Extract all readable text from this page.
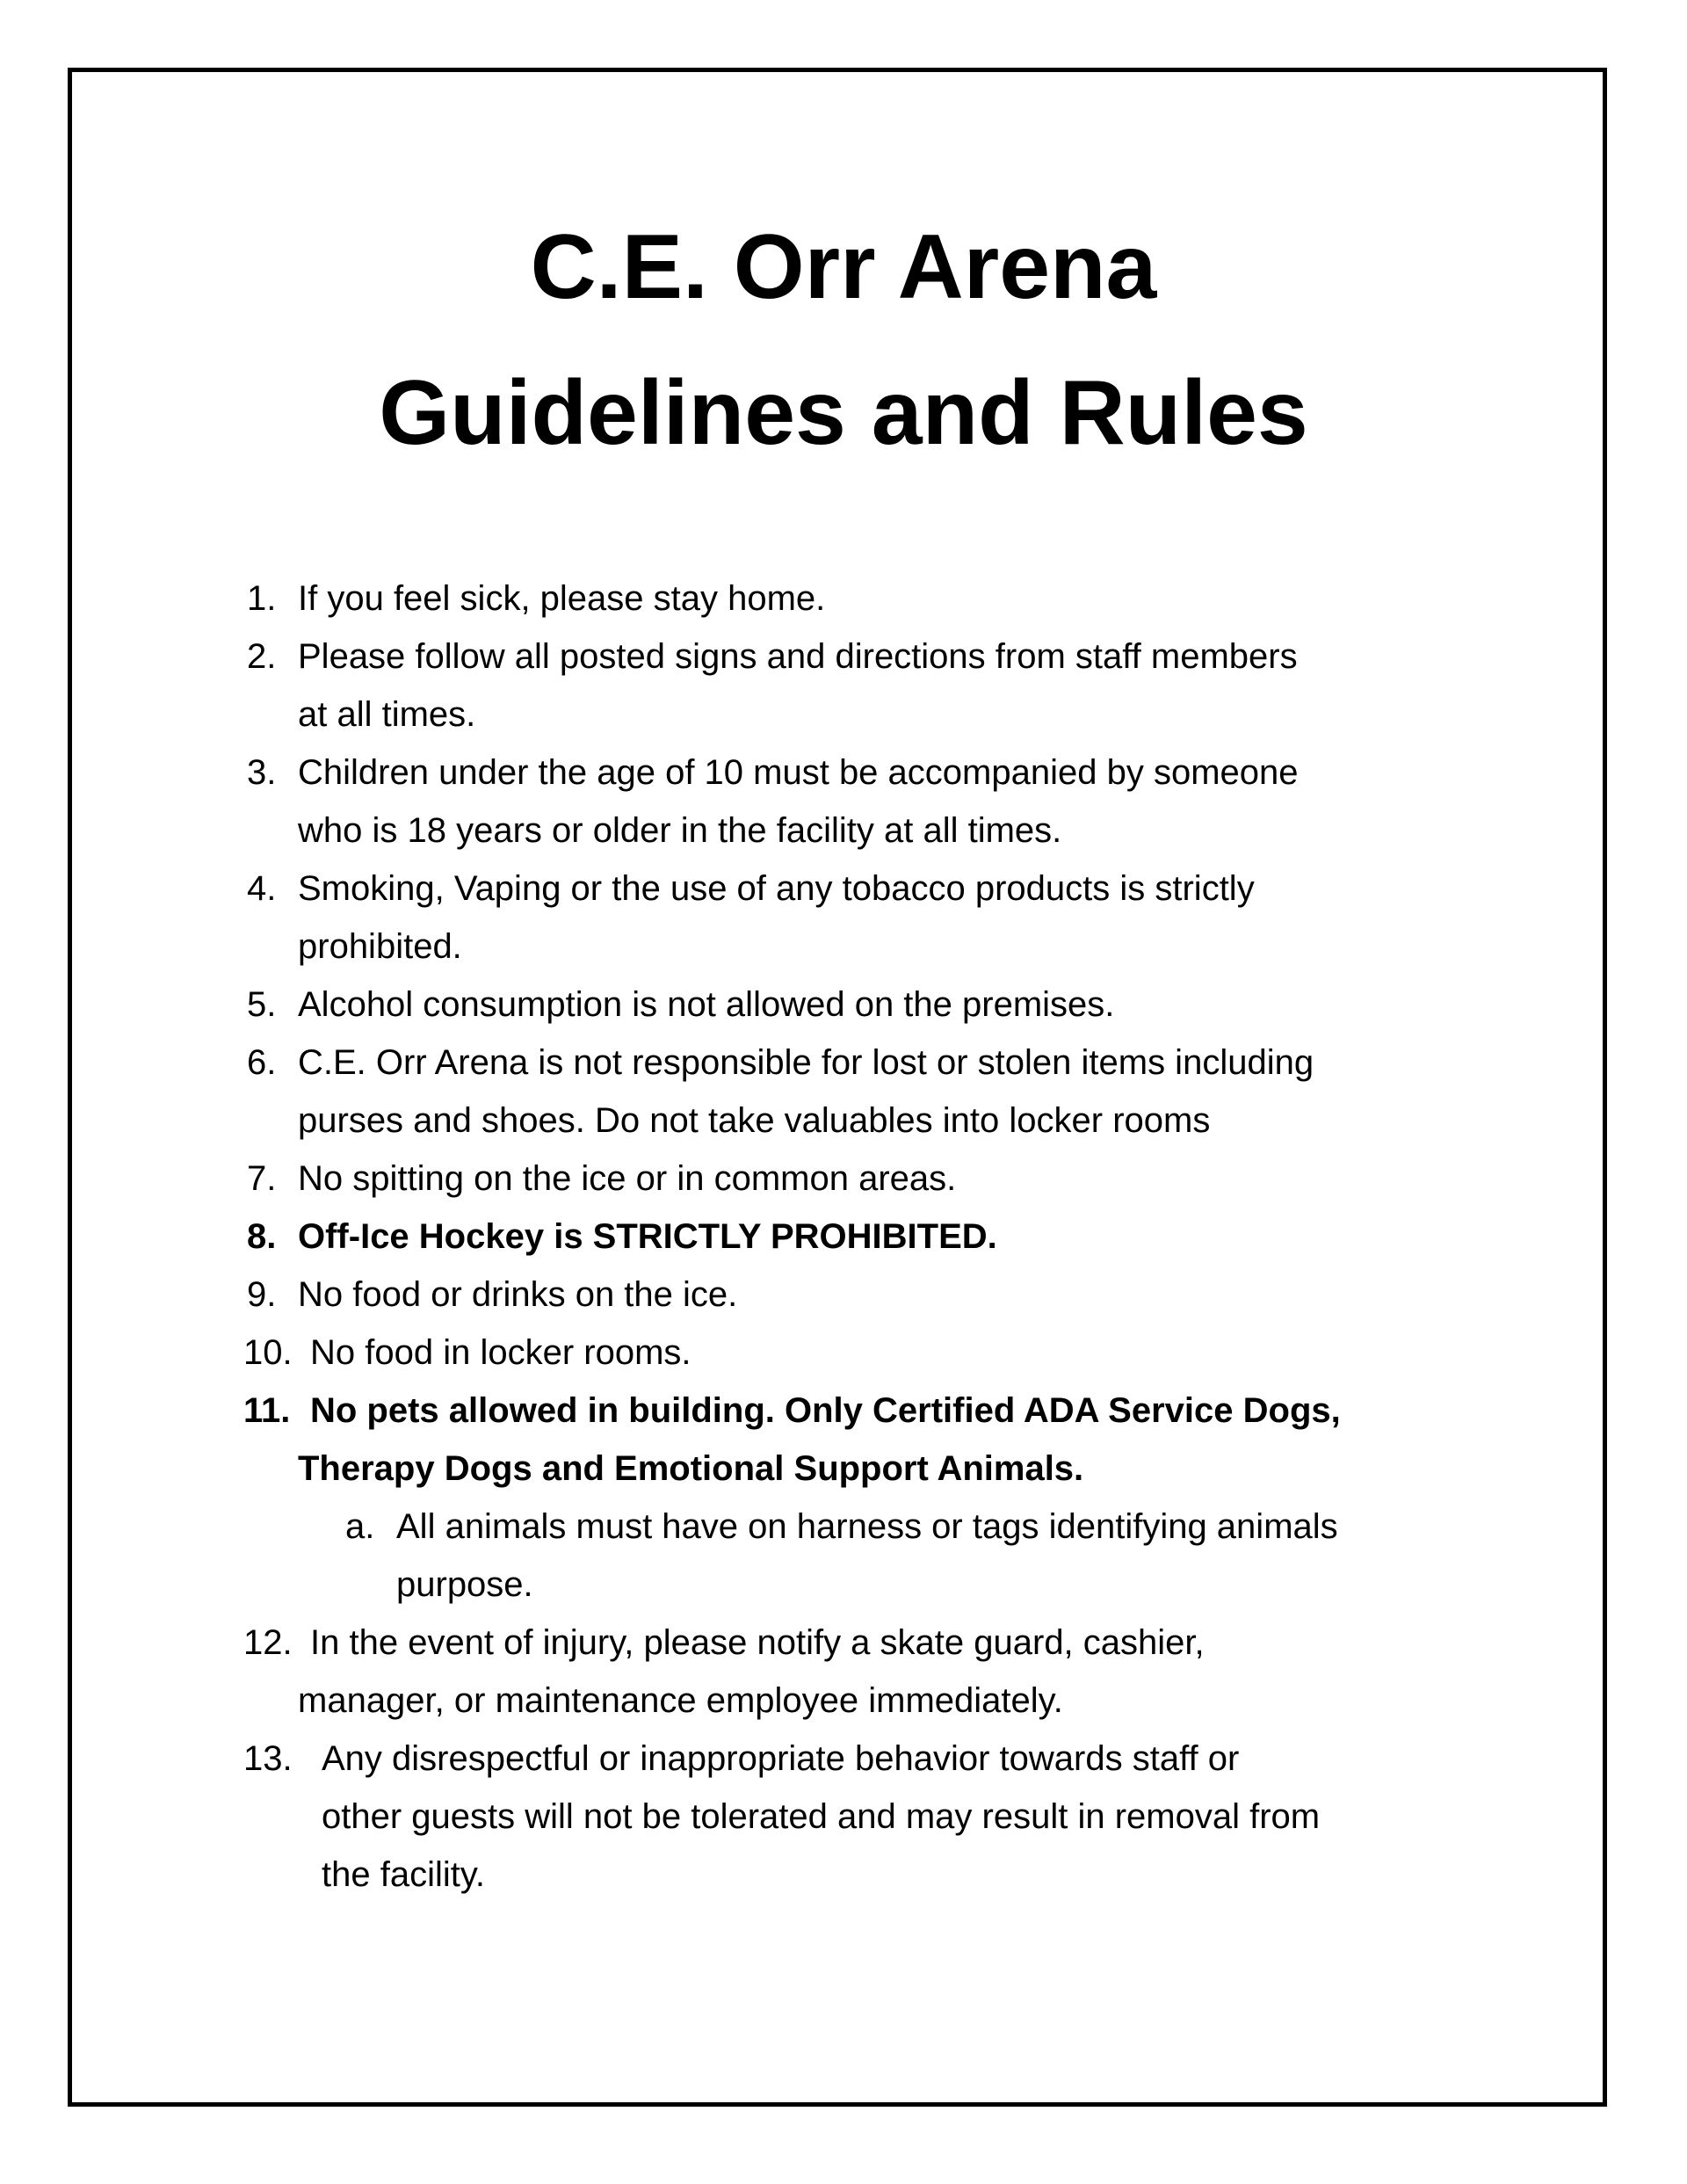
C.E. Orr Arena
Guidelines and Rules
1. If you feel sick, please stay home.
2. Please follow all posted signs and directions from staff members
at all times.
3. Children under the age of 10 must be accompanied by someone
who is 18 years or older in the facility at all times.
4. Smoking, Vaping or the use of any tobacco products is strictly
prohibited.
5. Alcohol consumption is not allowed on the premises.
6. C.E. Orr Arena is not responsible for lost or stolen items including
purses and shoes. Do not take valuables into locker rooms
7. No spitting on the ice or in common areas.
8. Off-Ice Hockey is STRICTLY PROHIBITED.
9. No food or drinks on the ice.
10. No food in locker rooms.
11. No pets allowed in building. Only Certified ADA Service Dogs,
Therapy Dogs and Emotional Support Animals.
a. All animals must have on harness or tags identifying animals
purpose.
12. In the event of injury, please notify a skate guard, cashier,
manager, or maintenance employee immediately.
13. Any disrespectful or inappropriate behavior towards staff or
other guests will not be tolerated and may result in removal from
the facility.
